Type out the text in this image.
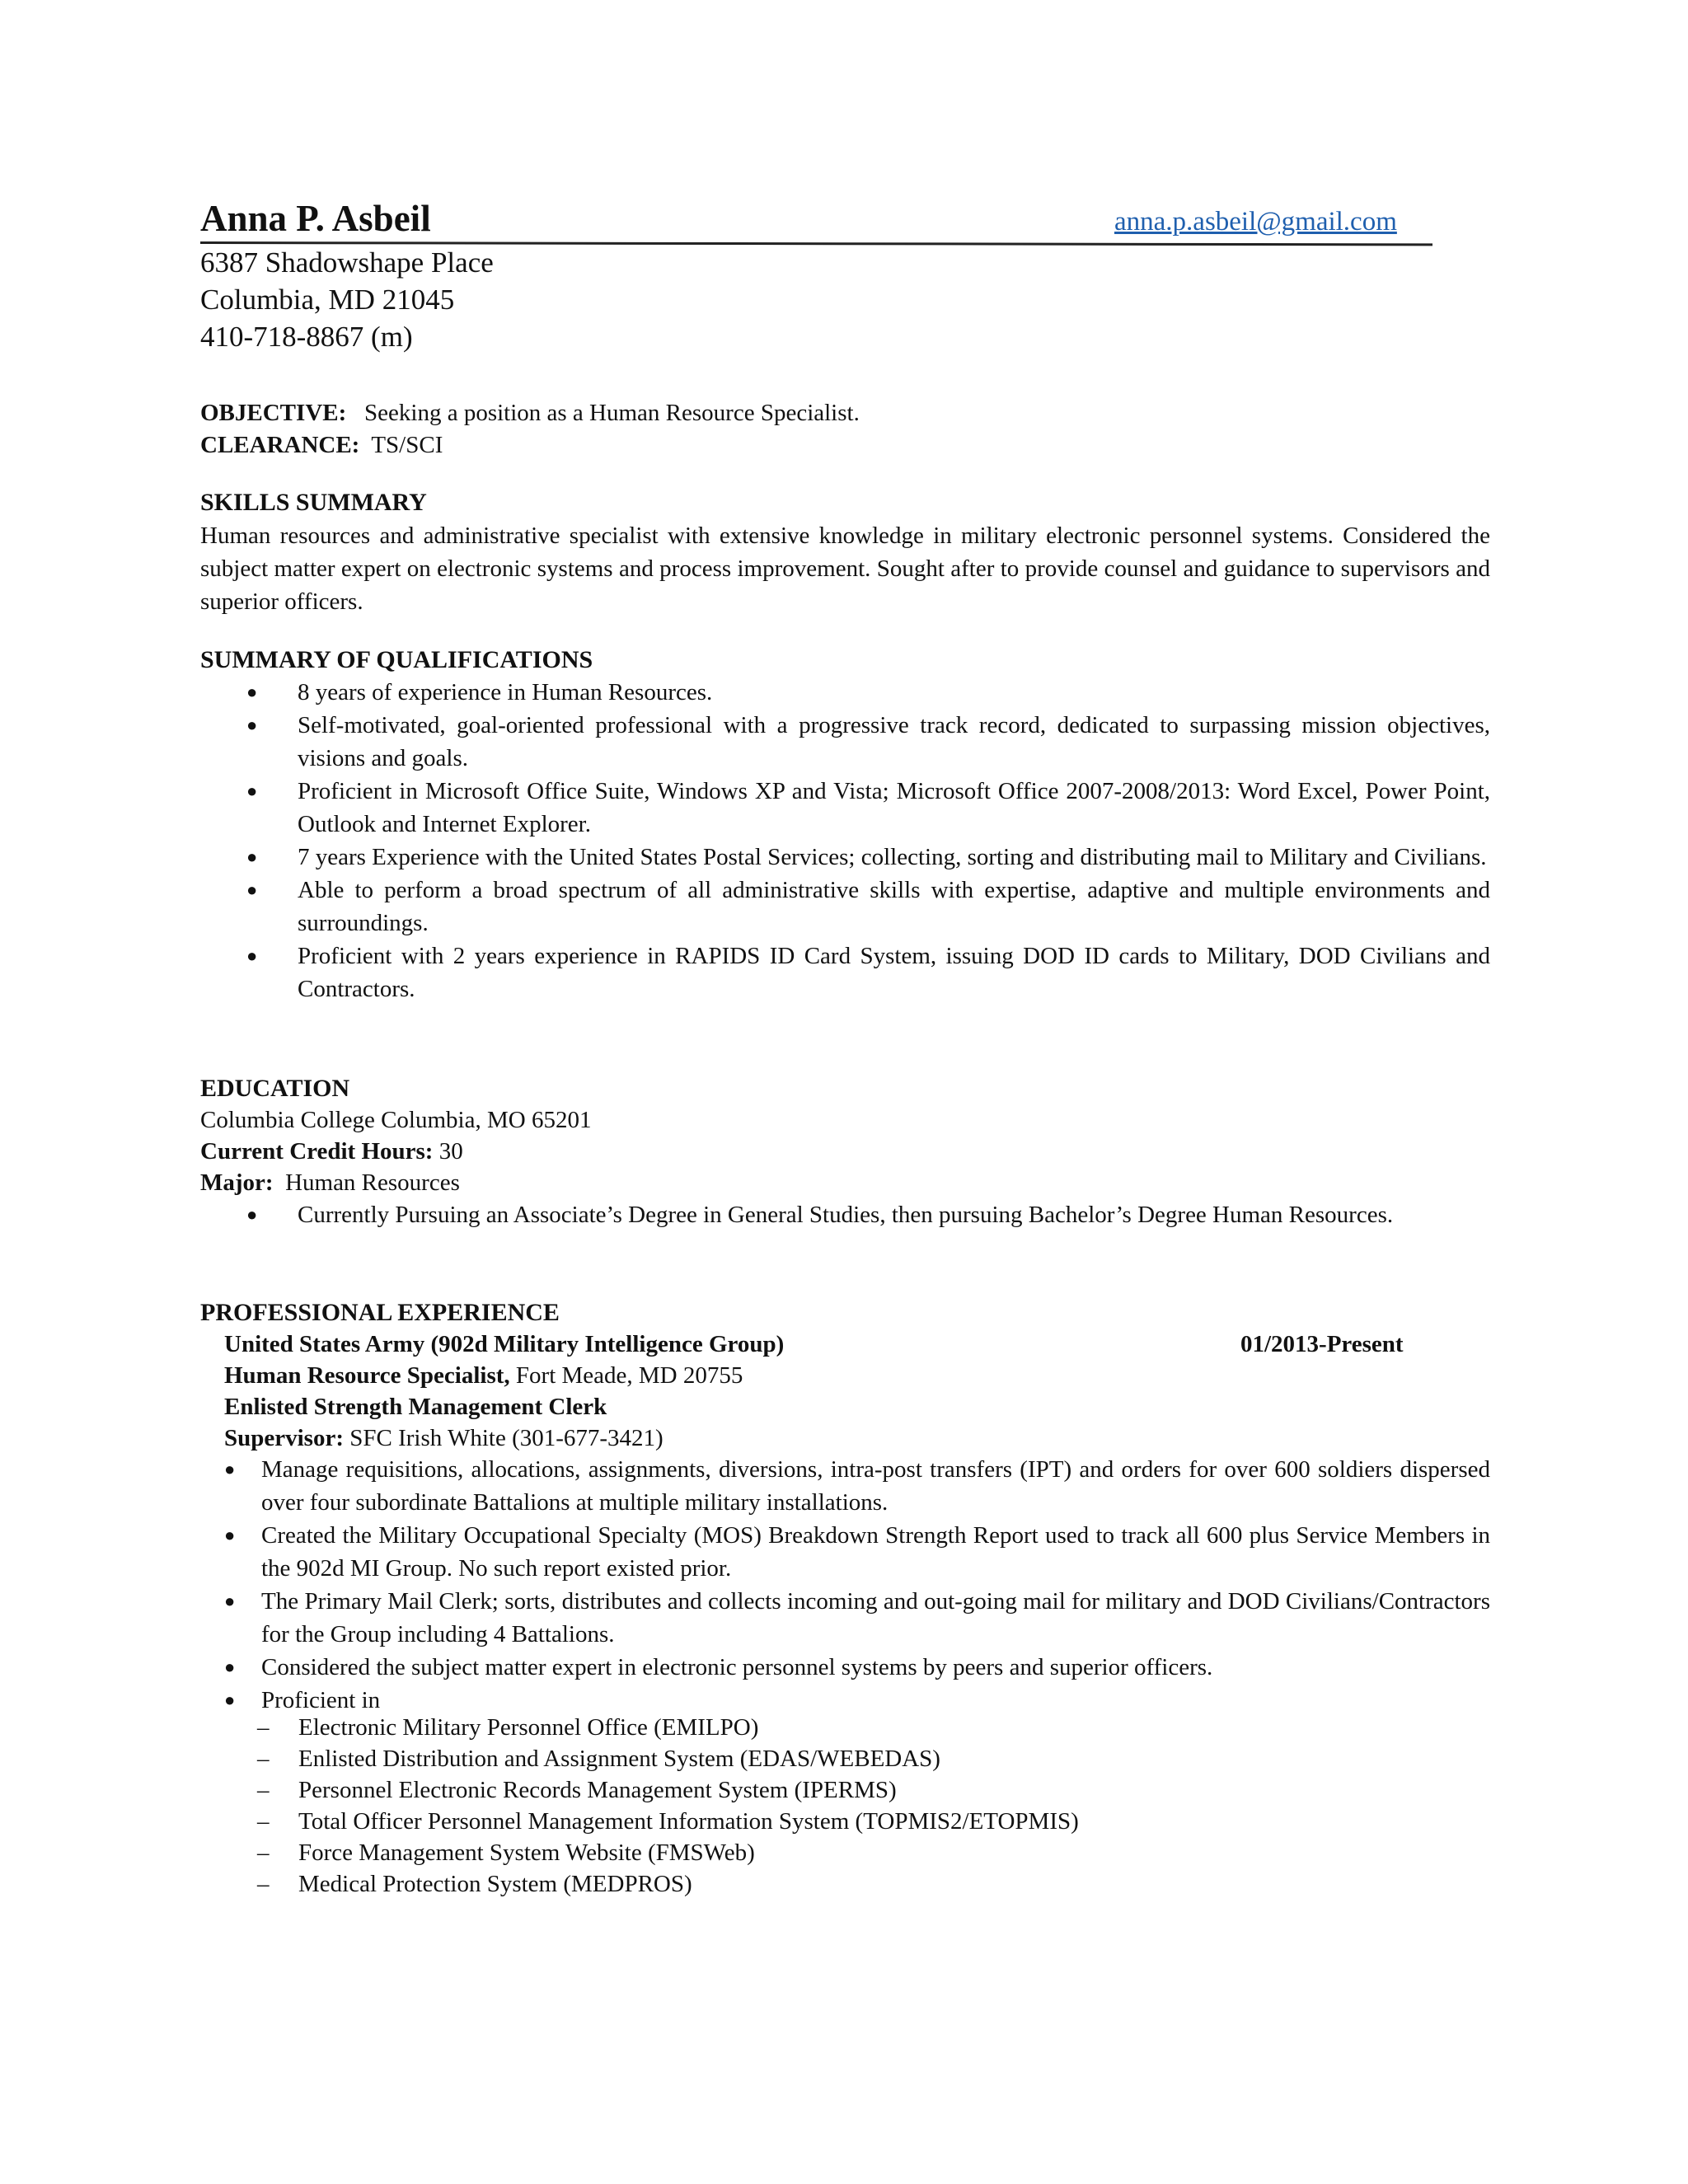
Anna P. Asbeil	anna.p.asbeil@gmail.com
6387 Shadowshape Place
Columbia, MD 21045
410-718-8867 (m)
OBJECTIVE: Seeking a position as a Human Resource Specialist.
CLEARANCE: TS/SCI
SKILLS SUMMARY
Human resources and administrative specialist with extensive knowledge in military electronic personnel systems. Considered the subject matter expert on electronic systems and process improvement. Sought after to provide counsel and guidance to supervisors and superior officers.
SUMMARY OF QUALIFICATIONS
● 8 years of experience in Human Resources.
● Self-motivated, goal-oriented professional with a progressive track record, dedicated to surpassing mission objectives, visions and goals.
● Proficient in Microsoft Office Suite, Windows XP and Vista; Microsoft Office 2007-2008/2013: Word Excel, Power Point, Outlook and Internet Explorer.
● 7 years Experience with the United States Postal Services; collecting, sorting and distributing mail to Military and Civilians.
● Able to perform a broad spectrum of all administrative skills with expertise, adaptive and multiple environments and surroundings.
● Proficient with 2 years experience in RAPIDS ID Card System, issuing DOD ID cards to Military, DOD Civilians and Contractors.
EDUCATION
Columbia College Columbia, MO 65201
Current Credit Hours: 30
Major: Human Resources
● Currently Pursuing an Associate’s Degree in General Studies, then pursuing Bachelor’s Degree Human Resources.
PROFESSIONAL EXPERIENCE
United States Army (902d Military Intelligence Group)	01/2013-Present
Human Resource Specialist, Fort Meade, MD 20755
Enlisted Strength Management Clerk
Supervisor: SFC Irish White (301-677-3421)
● Manage requisitions, allocations, assignments, diversions, intra-post transfers (IPT) and orders for over 600 soldiers dispersed over four subordinate Battalions at multiple military installations.
● Created the Military Occupational Specialty (MOS) Breakdown Strength Report used to track all 600 plus Service Members in the 902d MI Group. No such report existed prior.
● The Primary Mail Clerk; sorts, distributes and collects incoming and out-going mail for military and DOD Civilians/Contractors for the Group including 4 Battalions.
● Considered the subject matter expert in electronic personnel systems by peers and superior officers.
● Proficient in
– Electronic Military Personnel Office (EMILPO)
– Enlisted Distribution and Assignment System (EDAS/WEBEDAS)
– Personnel Electronic Records Management System (IPERMS)
– Total Officer Personnel Management Information System (TOPMIS2/ETOPMIS)
– Force Management System Website (FMSWeb)
– Medical Protection System (MEDPROS)
